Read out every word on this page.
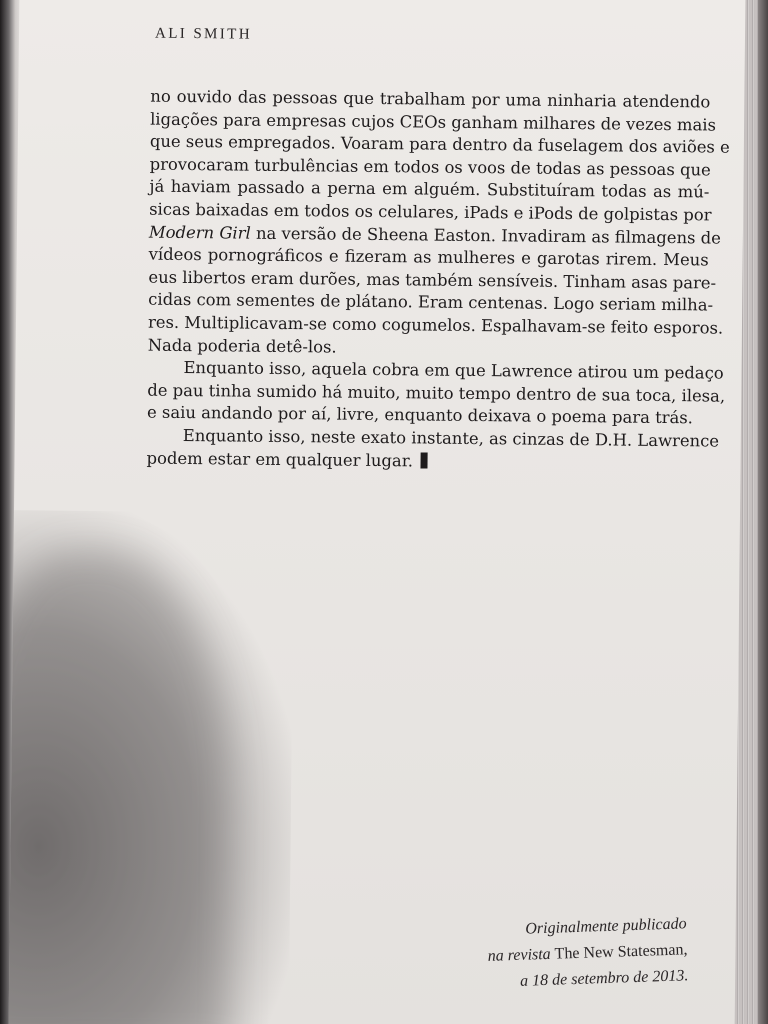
ALI SMITH
no ouvido das pessoas que trabalham por uma ninharia atendendo
ligações para empresas cujos CEOs ganham milhares de vezes mais
que seus empregados. Voaram para dentro da fuselagem dos aviões e
provocaram turbulências em todos os voos de todas as pessoas que
já haviam passado a perna em alguém. Substituíram todas as mú-
sicas baixadas em todos os celulares, iPads e iPods de golpistas por
Modern Girl na versão de Sheena Easton. Invadiram as filmagens de
vídeos pornográficos e fizeram as mulheres e garotas rirem. Meus
eus libertos eram durões, mas também sensíveis. Tinham asas pare-
cidas com sementes de plátano. Eram centenas. Logo seriam milha-
res. Multiplicavam-se como cogumelos. Espalhavam-se feito esporos.
Nada poderia detê-los.
Enquanto isso, aquela cobra em que Lawrence atirou um pedaço
de pau tinha sumido há muito, muito tempo dentro de sua toca, ilesa,
e saiu andando por aí, livre, enquanto deixava o poema para trás.
Enquanto isso, neste exato instante, as cinzas de D.H. Lawrence
podem estar em qualquer lugar.
Originalmente publicado
na revista The New Statesman,
a 18 de setembro de 2013.
